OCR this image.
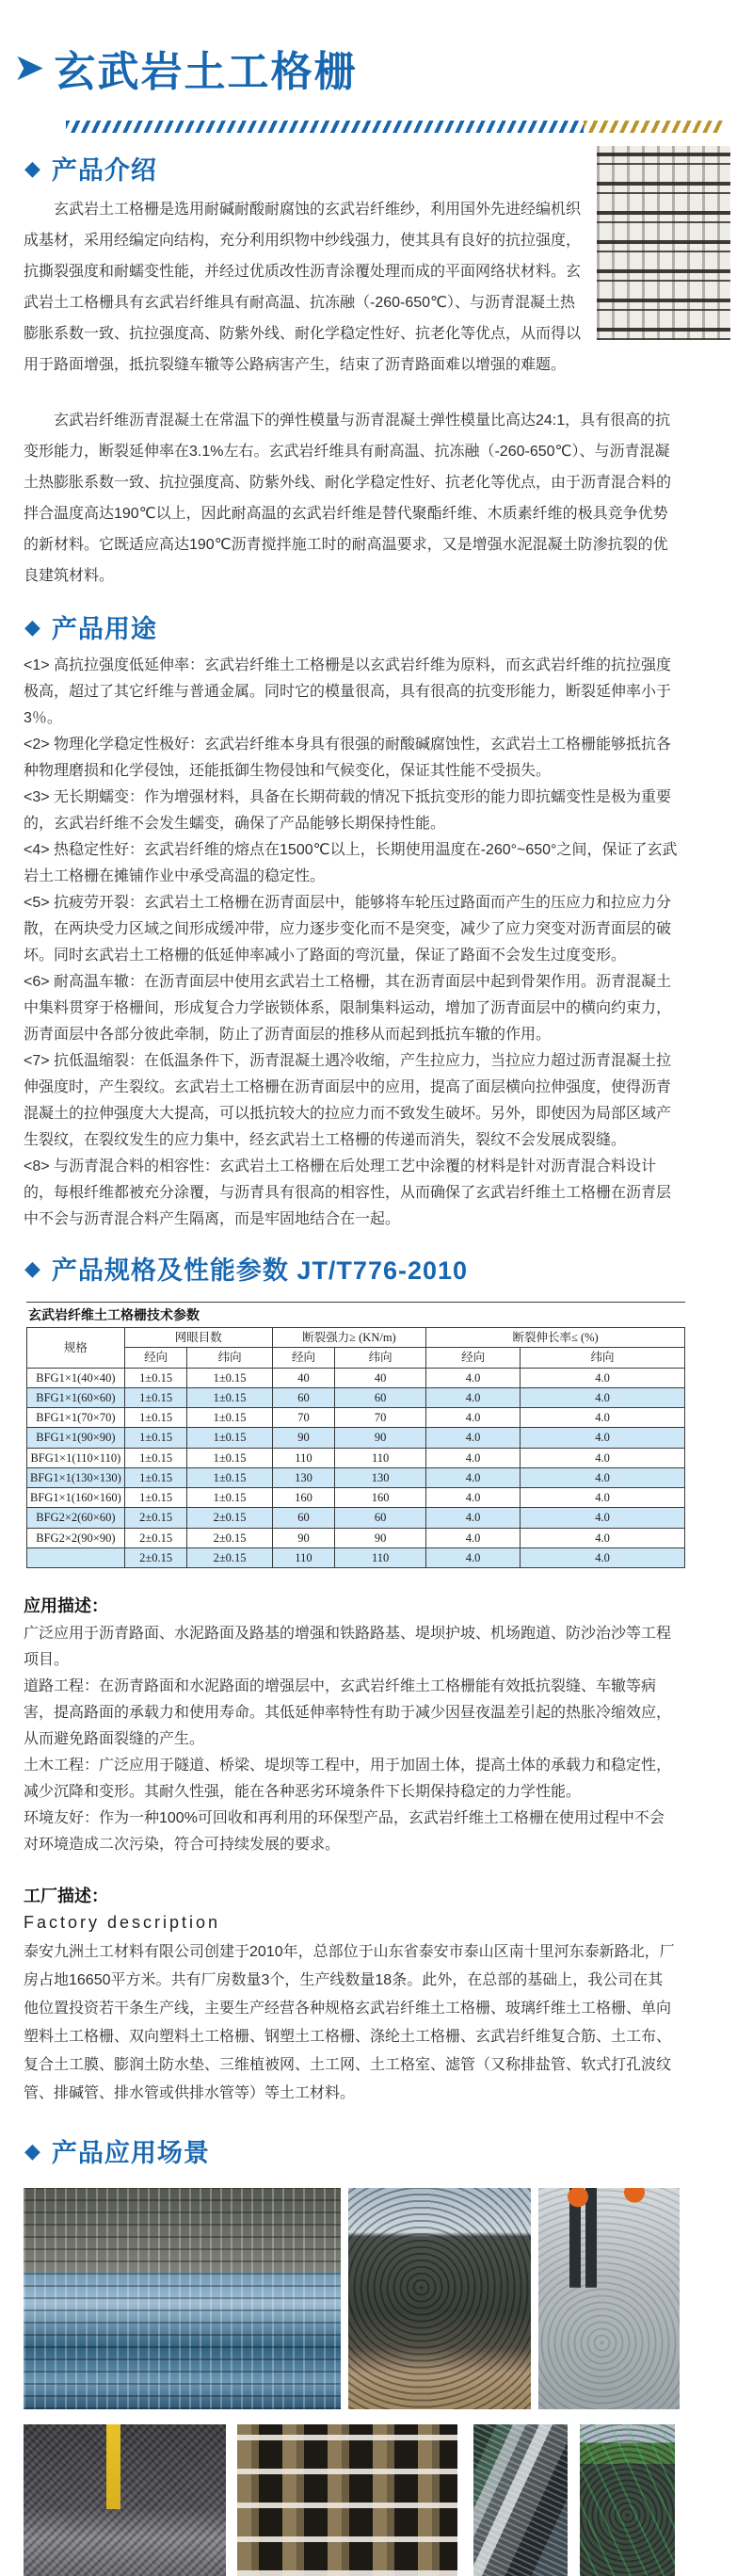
➤ 玄武岩土工格栅
◆ 产品介绍

玄武岩土工格栅是选用耐碱耐酸耐腐蚀的玄武岩纤维纱，利用国外先进经编机织成基材，采用经编定向结构，充分利用织物中纱线强力，使其具有良好的抗拉强度，抗撕裂强度和耐蠕变性能，并经过优质改性沥青涂覆处理而成的平面网络状材料。玄武岩土工格栅具有玄武岩纤维具有耐高温、抗冻融（-260-650℃）、与沥青混凝土热膨胀系数一致、抗拉强度高、防紫外线、耐化学稳定性好、抗老化等优点，从而得以用于路面增强，抵抗裂缝车辙等公路病害产生，结束了沥青路面难以增强的难题。

玄武岩纤维沥青混凝土在常温下的弹性模量与沥青混凝土弹性模量比高达24:1，具有很高的抗变形能力，断裂延伸率在3.1%左右。玄武岩纤维具有耐高温、抗冻融（-260-650℃）、与沥青混凝土热膨胀系数一致、抗拉强度高、防紫外线、耐化学稳定性好、抗老化等优点，由于沥青混合料的拌合温度高达190℃以上，因此耐高温的玄武岩纤维是替代聚酯纤维、木质素纤维的极具竞争优势的新材料。它既适应高达190℃沥青搅拌施工时的耐高温要求，又是增强水泥混凝土防渗抗裂的优良建筑材料。

◆ 产品用途

<1> 高抗拉强度低延伸率：玄武岩纤维土工格栅是以玄武岩纤维为原料，而玄武岩纤维的抗拉强度极高，超过了其它纤维与普通金属。同时它的模量很高，具有很高的抗变形能力，断裂延伸率小于3％。

<2> 物理化学稳定性极好：玄武岩纤维本身具有很强的耐酸碱腐蚀性，玄武岩土工格栅能够抵抗各种物理磨损和化学侵蚀，还能抵御生物侵蚀和气候变化，保证其性能不受损失。

<3> 无长期蠕变：作为增强材料，具备在长期荷载的情况下抵抗变形的能力即抗蠕变性是极为重要的，玄武岩纤维不会发生蠕变，确保了产品能够长期保持性能。

<4> 热稳定性好：玄武岩纤维的熔点在1500℃以上，长期使用温度在-260°~650°之间，保证了玄武岩土工格栅在摊铺作业中承受高温的稳定性。

<5> 抗疲劳开裂：玄武岩土工格栅在沥青面层中，能够将车轮压过路面而产生的压应力和拉应力分散，在两块受力区域之间形成缓冲带，应力逐步变化而不是突变，减少了应力突变对沥青面层的破坏。同时玄武岩土工格栅的低延伸率减小了路面的弯沉量，保证了路面不会发生过度变形。

<6> 耐高温车辙：在沥青面层中使用玄武岩土工格栅，其在沥青面层中起到骨架作用。沥青混凝土中集料贯穿于格栅间，形成复合力学嵌锁体系，限制集料运动，增加了沥青面层中的横向约束力，沥青面层中各部分彼此牵制，防止了沥青面层的推移从而起到抵抗车辙的作用。

<7> 抗低温缩裂：在低温条件下，沥青混凝土遇冷收缩，产生拉应力，当拉应力超过沥青混凝土拉伸强度时，产生裂纹。玄武岩土工格栅在沥青面层中的应用，提高了面层横向拉伸强度，使得沥青混凝土的拉伸强度大大提高，可以抵抗较大的拉应力而不致发生破坏。另外，即使因为局部区域产生裂纹，在裂纹发生的应力集中，经玄武岩土工格栅的传递而消失，裂纹不会发展成裂缝。

<8> 与沥青混合料的相容性：玄武岩土工格栅在后处理工艺中涂覆的材料是针对沥青混合料设计的，每根纤维都被充分涂覆，与沥青具有很高的相容性，从而确保了玄武岩纤维土工格栅在沥青层中不会与沥青混合料产生隔离，而是牢固地结合在一起。

◆ 产品规格及性能参数 JT/T776-2010
玄武岩纤维土工格栅技术参数
规格	网眼目数		断裂强力≥ (KN/m)		断裂伸长率≤ (%)	
	经向	纬向	经向	纬向	经向	纬向
BFG1×1(40×40)	1±0.15	1±0.15	40	40	4.0	4.0
BFG1×1(60×60)	1±0.15	1±0.15	60	60	4.0	4.0
BFG1×1(70×70)	1±0.15	1±0.15	70	70	4.0	4.0
BFG1×1(90×90)	1±0.15	1±0.15	90	90	4.0	4.0
BFG1×1(110×110)	1±0.15	1±0.15	110	110	4.0	4.0
BFG1×1(130×130)	1±0.15	1±0.15	130	130	4.0	4.0
BFG1×1(160×160)	1±0.15	1±0.15	160	160	4.0	4.0
BFG2×2(60×60)	2±0.15	2±0.15	60	60	4.0	4.0
BFG2×2(90×90)	2±0.15	2±0.15	90	90	4.0	4.0
	2±0.15	2±0.15	110	110	4.0	4.0
应用描述：

广泛应用于沥青路面、水泥路面及路基的增强和铁路路基、堤坝护坡、机场跑道、防沙治沙等工程项目。

道路工程：在沥青路面和水泥路面的增强层中，玄武岩纤维土工格栅能有效抵抗裂缝、车辙等病害，提高路面的承载力和使用寿命。其低延伸率特性有助于减少因昼夜温差引起的热胀冷缩效应，从而避免路面裂缝的产生。

土木工程：广泛应用于隧道、桥梁、堤坝等工程中，用于加固土体，提高土体的承载力和稳定性，减少沉降和变形。其耐久性强，能在各种恶劣环境条件下长期保持稳定的力学性能。

环境友好：作为一种100%可回收和再利用的环保型产品，玄武岩纤维土工格栅在使用过程中不会对环境造成二次污染，符合可持续发展的要求。

工厂描述：
Factory description
泰安九洲土工材料有限公司创建于2010年，总部位于山东省泰安市泰山区南十里河东泰新路北，厂房占地16650平方米。共有厂房数量3个，生产线数量18条。此外，在总部的基础上，我公司在其他位置投资若干条生产线，主要生产经营各种规格玄武岩纤维土工格栅、玻璃纤维土工格栅、单向塑料土工格栅、双向塑料土工格栅、钢塑土工格栅、涤纶土工格栅、玄武岩纤维复合筋、土工布、复合土工膜、膨润土防水垫、三维植被网、土工网、土工格室、滤管（又称排盐管、软式打孔波纹管、排碱管、排水管或供排水管等）等土工材料。
◆ 产品应用场景
